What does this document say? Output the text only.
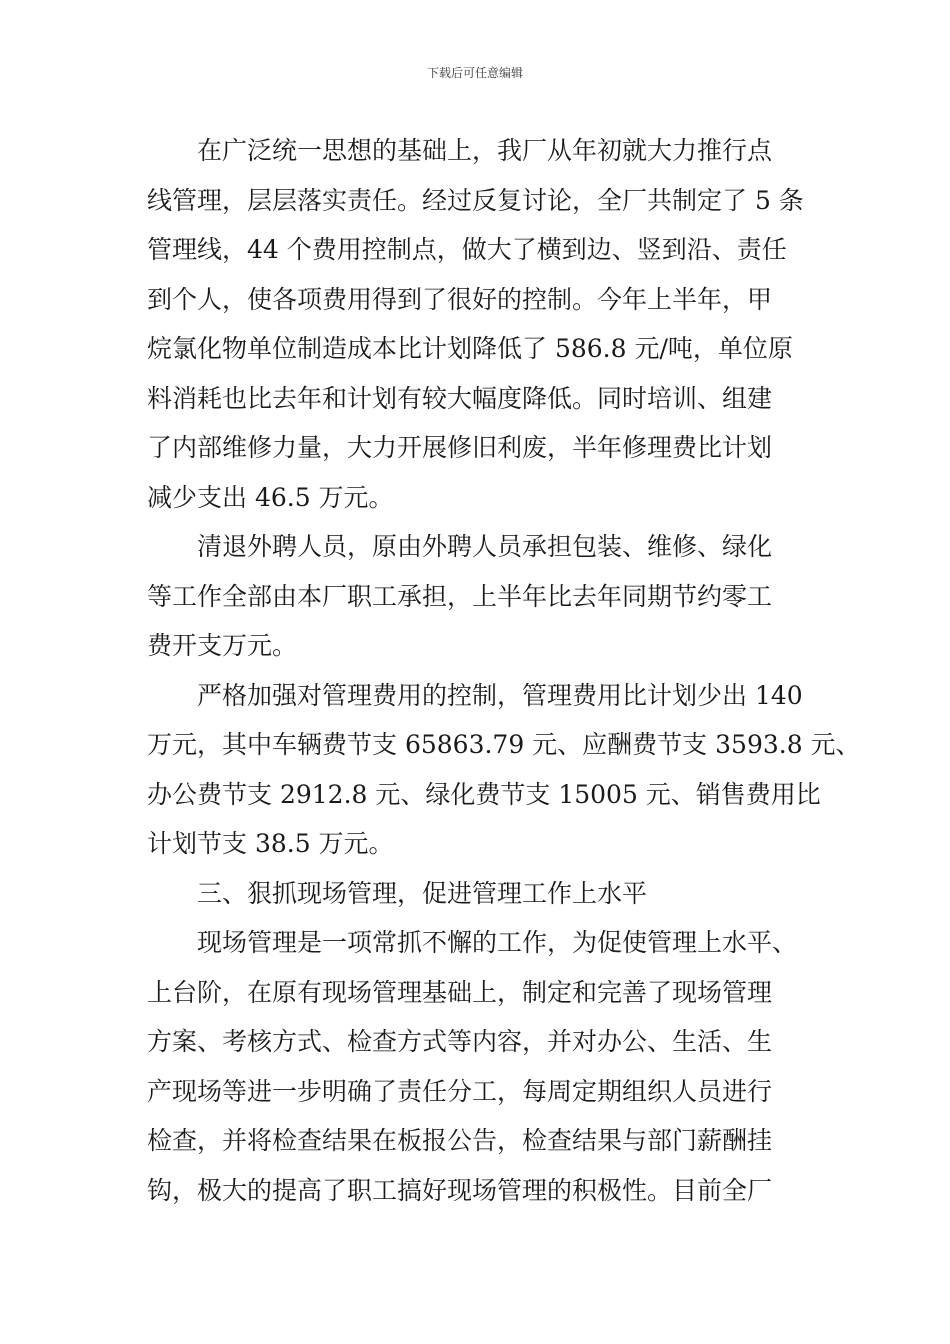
下载后可任意编辑
在广泛统一思想的基础上，我厂从年初就大力推行点
线管理，层层落实责任。经过反复讨论，全厂共制定了 5 条
管理线，44 个费用控制点，做大了横到边、竖到沿、责任
到个人，使各项费用得到了很好的控制。今年上半年，甲
烷氯化物单位制造成本比计划降低了 586.8 元/吨，单位原
料消耗也比去年和计划有较大幅度降低。同时培训、组建
了内部维修力量，大力开展修旧利废，半年修理费比计划
减少支出 46.5 万元。
清退外聘人员，原由外聘人员承担包装、维修、绿化
等工作全部由本厂职工承担，上半年比去年同期节约零工
费开支万元。
严格加强对管理费用的控制，管理费用比计划少出 140
万元，其中车辆费节支 65863.79 元、应酬费节支 3593.8 元、
办公费节支 2912.8 元、绿化费节支 15005 元、销售费用比
计划节支 38.5 万元。
三、狠抓现场管理，促进管理工作上水平
现场管理是一项常抓不懈的工作，为促使管理上水平、
上台阶，在原有现场管理基础上，制定和完善了现场管理
方案、考核方式、检查方式等内容，并对办公、生活、生
产现场等进一步明确了责任分工，每周定期组织人员进行
检查，并将检查结果在板报公告，检查结果与部门薪酬挂
钩，极大的提高了职工搞好现场管理的积极性。目前全厂
